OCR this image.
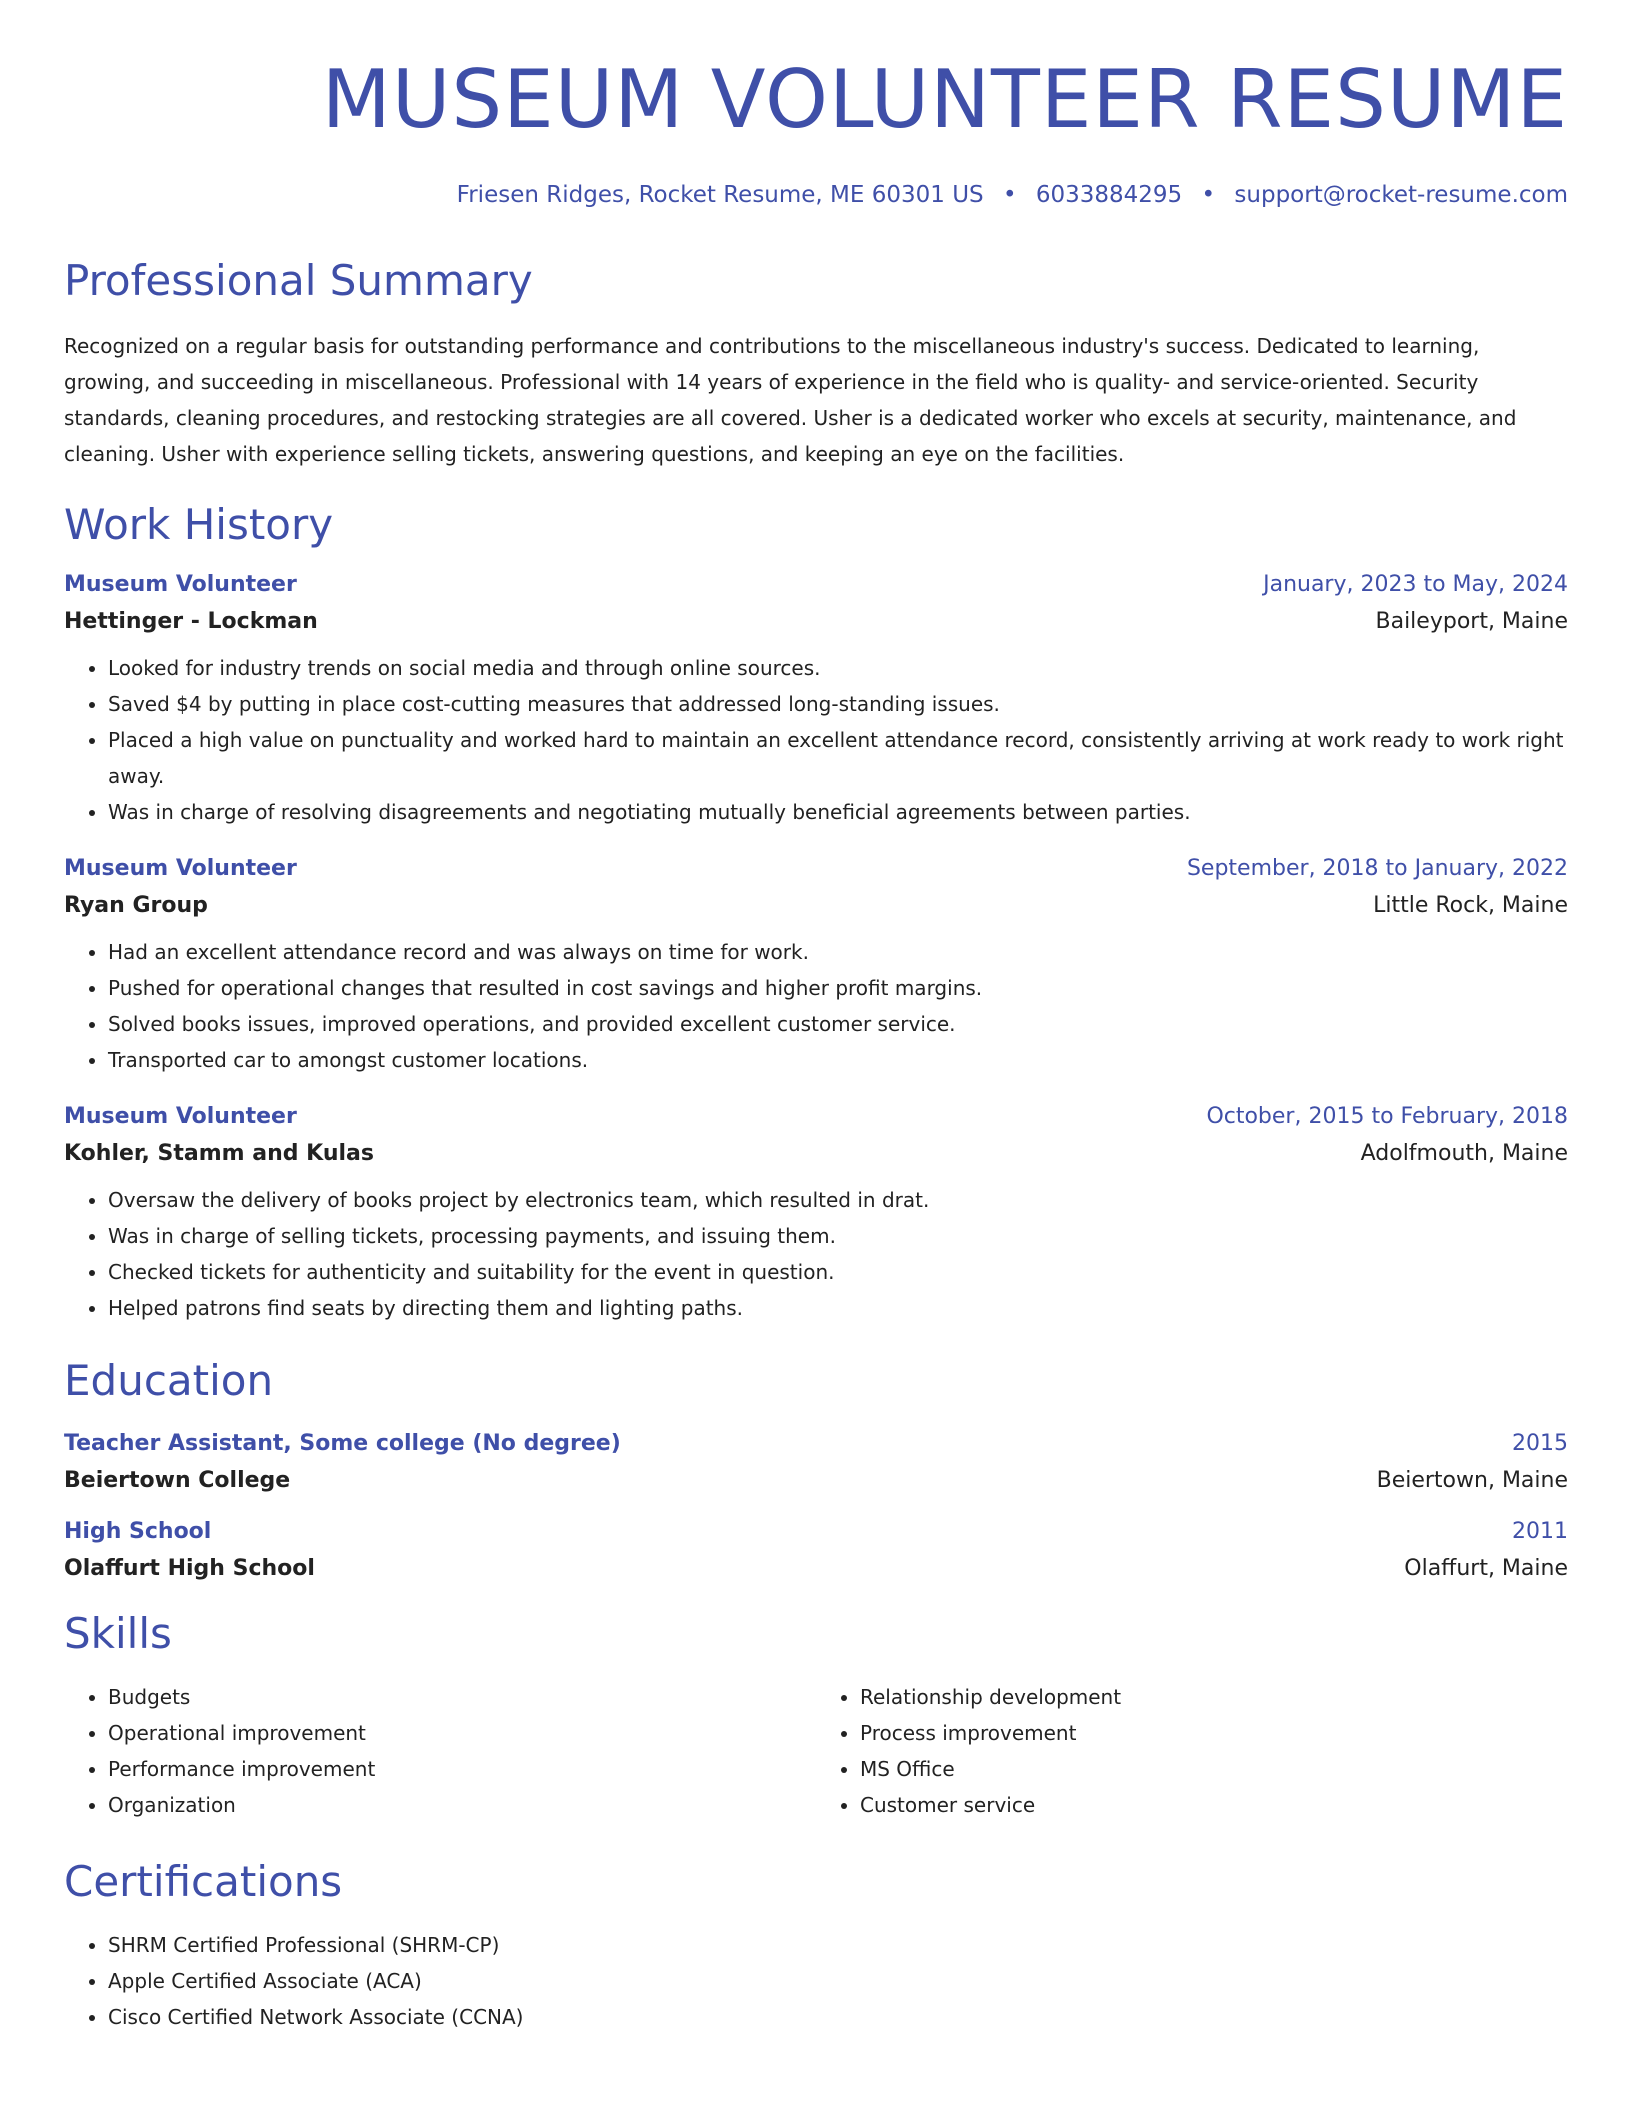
MUSEUM VOLUNTEER RESUME
Friesen Ridges, Rocket Resume, ME 60301 US • 6033884295 • support@rocket-resume.com
Professional Summary
Recognized on a regular basis for outstanding performance and contributions to the miscellaneous industry's success. Dedicated to learning, growing, and succeeding in miscellaneous. Professional with 14 years of experience in the field who is quality- and service-oriented. Security standards, cleaning procedures, and restocking strategies are all covered. Usher is a dedicated worker who excels at security, maintenance, and cleaning. Usher with experience selling tickets, answering questions, and keeping an eye on the facilities.
Work History
Museum Volunteer	January, 2023 to May, 2024
Hettinger - Lockman	Baileyport, Maine
• Looked for industry trends on social media and through online sources.
• Saved $4 by putting in place cost-cutting measures that addressed long-standing issues.
• Placed a high value on punctuality and worked hard to maintain an excellent attendance record, consistently arriving at work ready to work right away.
• Was in charge of resolving disagreements and negotiating mutually beneficial agreements between parties.
Museum Volunteer	September, 2018 to January, 2022
Ryan Group	Little Rock, Maine
• Had an excellent attendance record and was always on time for work.
• Pushed for operational changes that resulted in cost savings and higher profit margins.
• Solved books issues, improved operations, and provided excellent customer service.
• Transported car to amongst customer locations.
Museum Volunteer	October, 2015 to February, 2018
Kohler, Stamm and Kulas	Adolfmouth, Maine
• Oversaw the delivery of books project by electronics team, which resulted in drat.
• Was in charge of selling tickets, processing payments, and issuing them.
• Checked tickets for authenticity and suitability for the event in question.
• Helped patrons find seats by directing them and lighting paths.
Education
Teacher Assistant, Some college (No degree)	2015
Beiertown College	Beiertown, Maine
High School	2011
Olaffurt High School	Olaffurt, Maine
Skills
• Budgets
• Operational improvement
• Performance improvement
• Organization
• Relationship development
• Process improvement
• MS Office
• Customer service
Certifications
• SHRM Certified Professional (SHRM-CP)
• Apple Certified Associate (ACA)
• Cisco Certified Network Associate (CCNA)
